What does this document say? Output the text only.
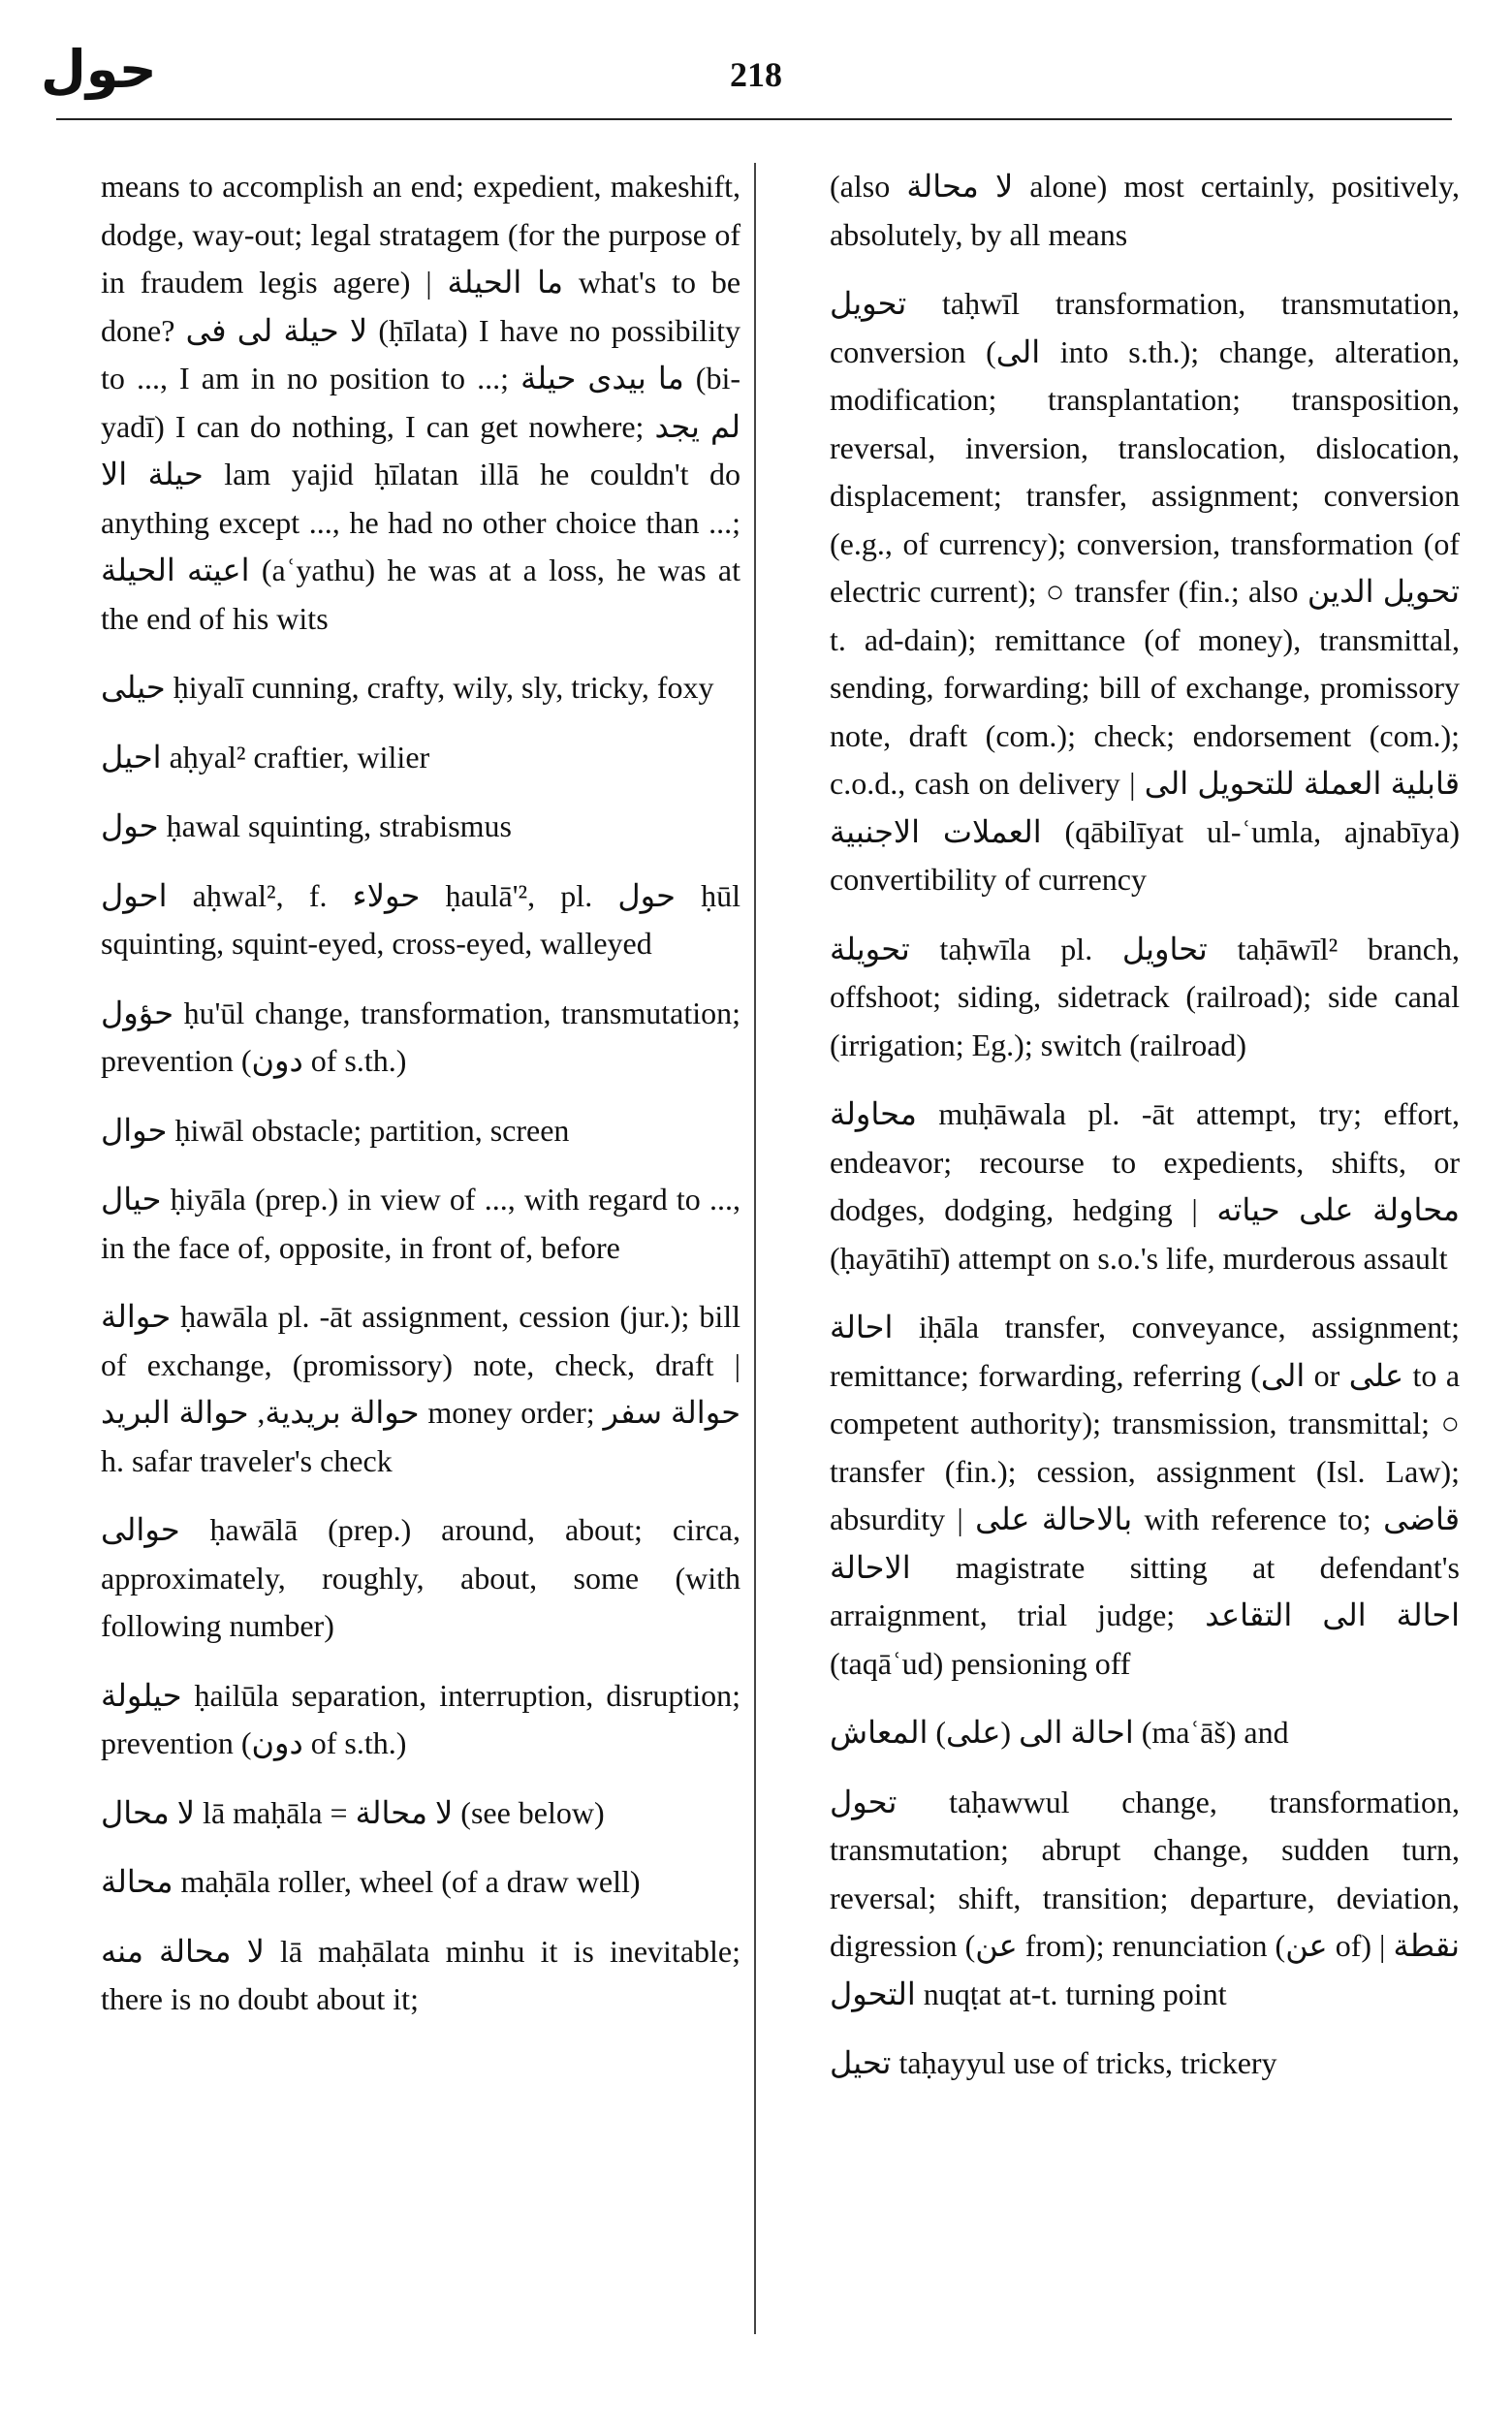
حول	218

means to accomplish an end; expedient, makeshift, dodge, way-out; legal stratagem (for the purpose of in fraudem legis agere) | ما الحيلة what's to be done? لا حيلة لى فى (ḥīlata) I have no possibility to ..., I am in no position to ...; ما بيدى حيلة (bi-yadī) I can do nothing, I can get nowhere; لم يجد حيلة الا lam yajid ḥīlatan illā he couldn't do anything except ..., he had no other choice than ...; اعيته الحيلة (aʿyathu) he was at a loss, he was at the end of his wits

حيلى ḥiyalī cunning, crafty, wily, sly, tricky, foxy

احيل aḥyal² craftier, wilier

حول ḥawal squinting, strabismus

احول aḥwal², f. حولاء ḥaulā'², pl. حول ḥūl squinting, squint-eyed, cross-eyed, walleyed

حؤول ḥu'ūl change, transformation, transmutation; prevention (دون of s.th.)

حوال ḥiwāl obstacle; partition, screen

حيال ḥiyāla (prep.) in view of ..., with regard to ..., in the face of, opposite, in front of, before

حوالة ḥawāla pl. -āt assignment, cession (jur.); bill of exchange, (promissory) note, check, draft | حوالة بريدية, حوالة البريد money order; حوالة سفر h. safar traveler's check

حوالى ḥawālā (prep.) around, about; circa, approximately, roughly, about, some (with following number)

حيلولة ḥailūla separation, interruption, disruption; prevention (دون of s.th.)

لا محال lā maḥāla = لا محالة (see below)

محالة maḥāla roller, wheel (of a draw well)

لا محالة منه lā maḥālata minhu it is inevitable; there is no doubt about it;

(also لا محالة alone) most certainly, positively, absolutely, by all means

تحويل taḥwīl transformation, transmutation, conversion (الى into s.th.); change, alteration, modification; transplantation; transposition, reversal, inversion, translocation, dislocation, displacement; transfer, assignment; conversion (e.g., of currency); conversion, transformation (of electric current); ○ transfer (fin.; also تحويل الدين t. ad-dain); remittance (of money), transmittal, sending, forwarding; bill of exchange, promissory note, draft (com.); check; endorsement (com.); c.o.d., cash on delivery | قابلية العملة للتحويل الى العملات الاجنبية (qābilīyat ul-ʿumla, ajnabīya) convertibility of currency

تحويلة taḥwīla pl. تحاويل taḥāwīl² branch, offshoot; siding, sidetrack (railroad); side canal (irrigation; Eg.); switch (railroad)

محاولة muḥāwala pl. -āt attempt, try; effort, endeavor; recourse to expedients, shifts, or dodges, dodging, hedging | محاولة على حياته (ḥayātihī) attempt on s.o.'s life, murderous assault

احالة iḥāla transfer, conveyance, assignment; remittance; forwarding, referring (الى or على to a competent authority); transmission, transmittal; ○ transfer (fin.); cession, assignment (Isl. Law); absurdity | بالاحالة على with reference to; قاضى الاحالة magistrate sitting at defendant's arraignment, trial judge; احالة الى التقاعد (taqāʿud) pensioning off

احالة الى (على) المعاش (maʿāš) and

تحول taḥawwul change, transformation, transmutation; abrupt change, sudden turn, reversal; shift, transition; departure, deviation, digression (عن from); renunciation (عن of) | نقطة التحول nuqṭat at-t. turning point

تحيل taḥayyul use of tricks, trickery
